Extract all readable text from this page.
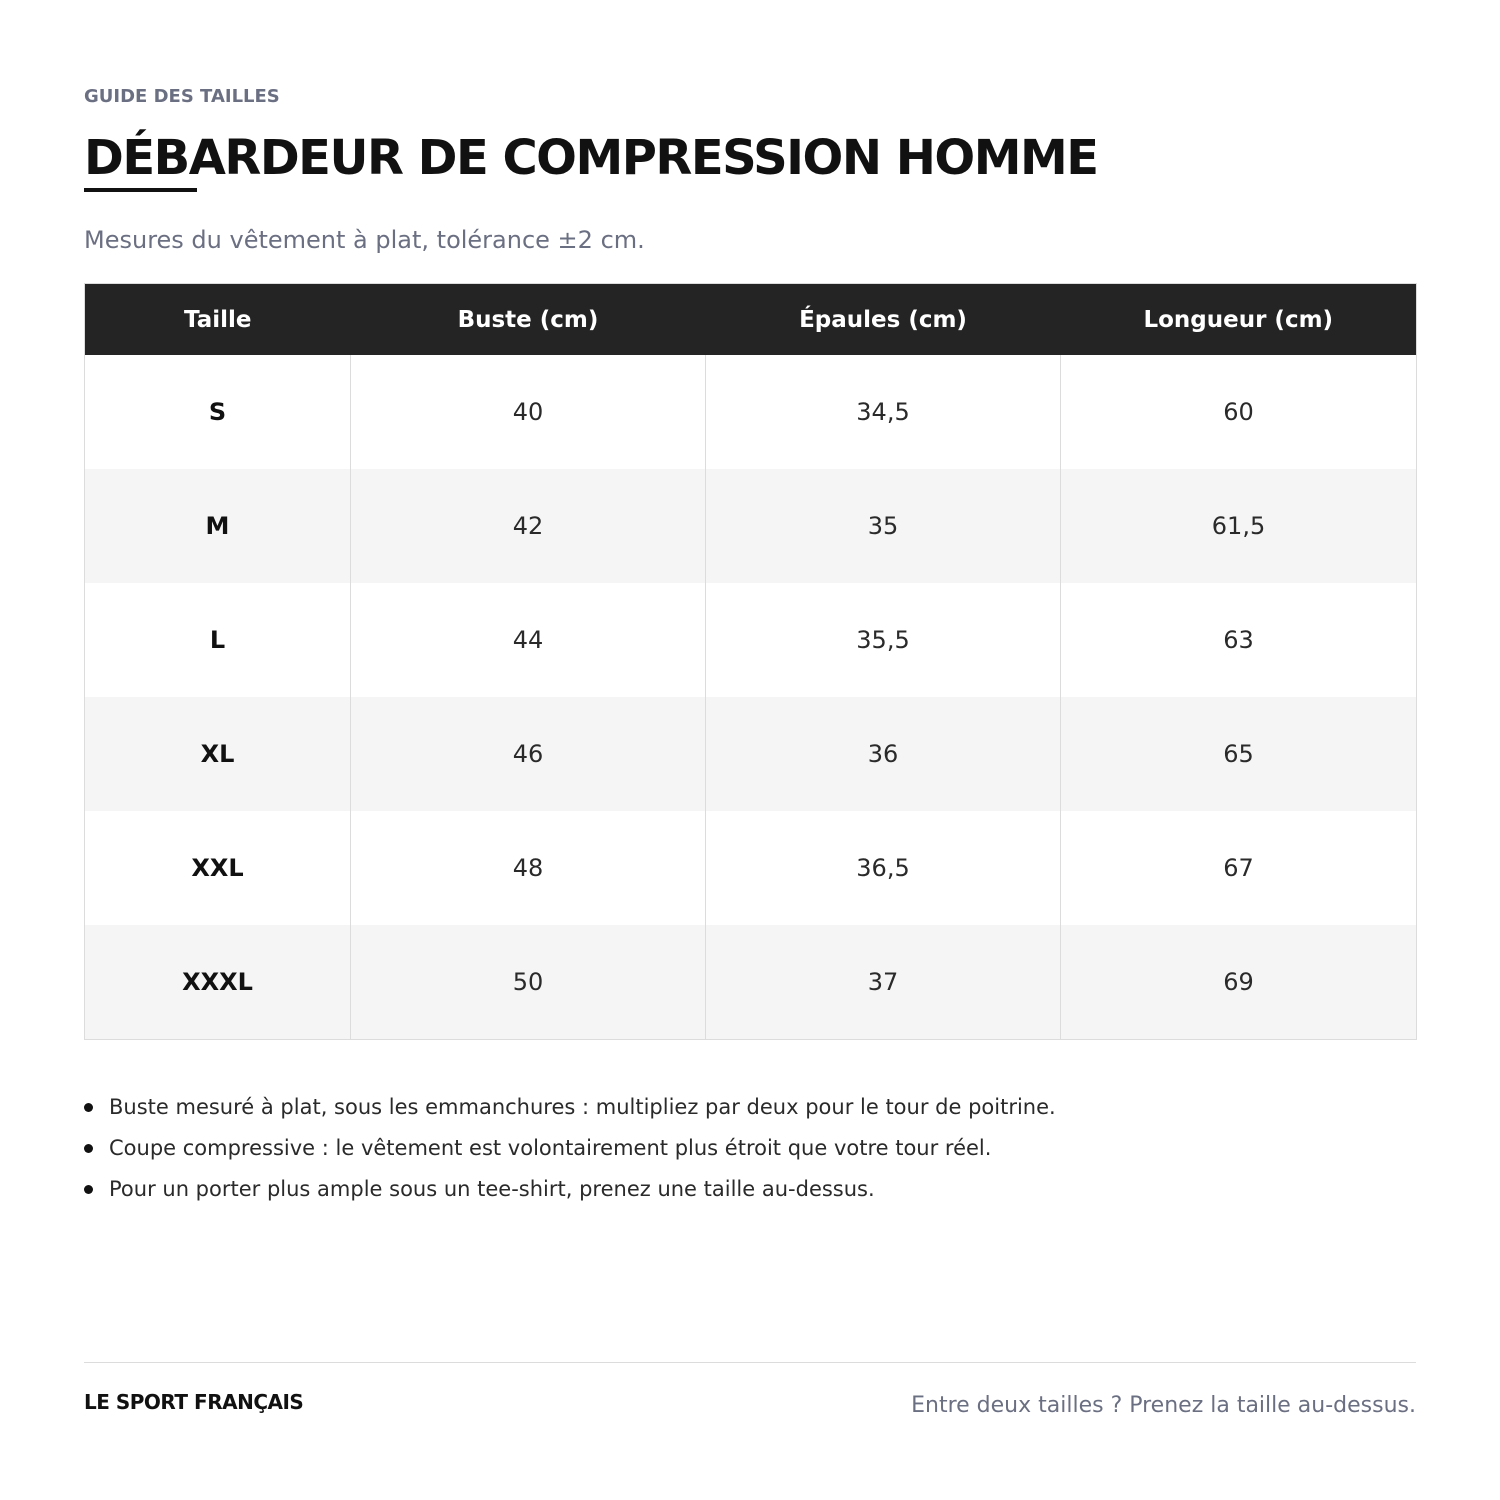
GUIDE DES TAILLES
DÉBARDEUR DE COMPRESSION HOMME
Mesures du vêtement à plat, tolérance ±2 cm.
Taille	Buste (cm)	Épaules (cm)	Longueur (cm)
S	40	34,5	60
M	42	35	61,5
L	44	35,5	63
XL	46	36	65
XXL	48	36,5	67
XXXL	50	37	69
Buste mesuré à plat, sous les emmanchures : multipliez par deux pour le tour de poitrine.
Coupe compressive : le vêtement est volontairement plus étroit que votre tour réel.
Pour un porter plus ample sous un tee-shirt, prenez une taille au-dessus.
LE SPORT FRANÇAIS	Entre deux tailles ? Prenez la taille au-dessus.
